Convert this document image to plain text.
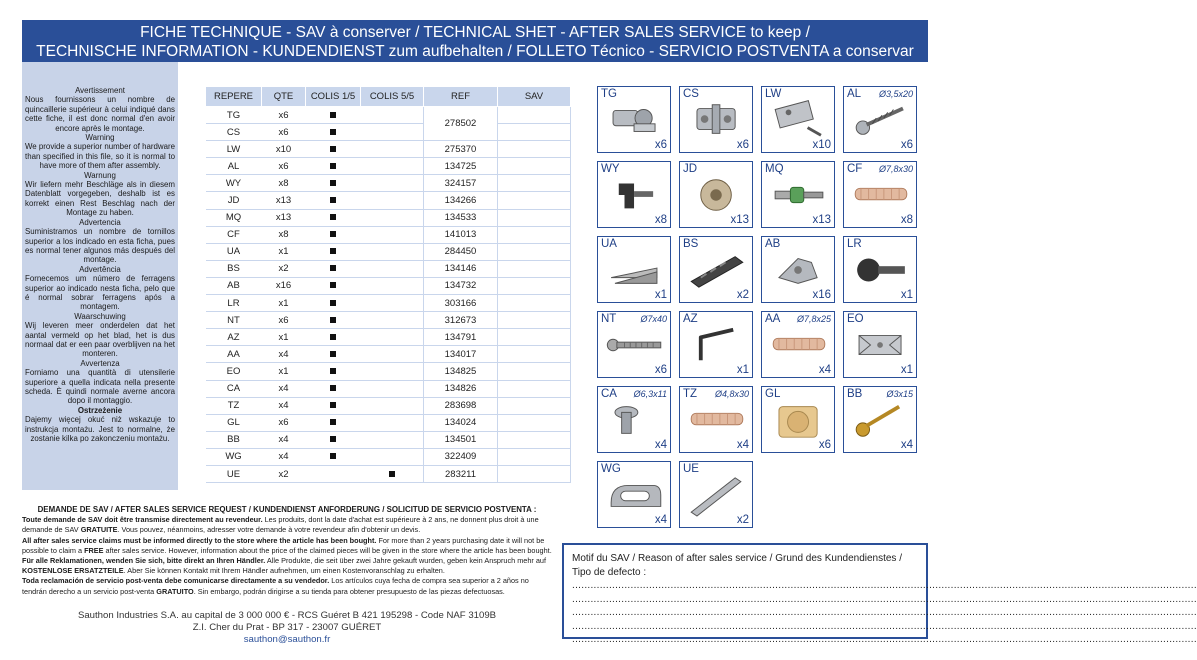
FICHE TECHNIQUE - SAV à conserver / TECHNICAL SHET - AFTER SALES SERVICE to keep /
TECHNISCHE INFORMATION - KUNDENDIENST zum aufbehalten / FOLLETO Técnico - SERVICIO POSTVENTA a conservar
Avertissement
Nous fournissons un nombre de quincaillerie supérieur à celui indiqué dans cette fiche, il est donc normal d'en avoir encore après le montage.
Warning
We provide a superior number of hardware than specified in this file, so it is normal to have more of them after assembly.
Warnung
Wir liefern mehr Beschläge als in diesem Datenblatt vorgegeben, deshalb ist es korrekt einen Rest Beschlag nach der Montage zu haben.
Advertencia
Suministramos un nombre de tornillos superior a los indicado en esta ficha, pues es normal tener algunos más después del montage.
Advertência
Fornecemos um número de ferragens superior ao indicado nesta ficha, pelo que é normal sobrar ferragens após a montagem.
Waarschuwing
Wij leveren meer onderdelen dat het aantal vermeld op het blad, het is dus normaal dat er een paar overblijven na het monteren.
Avvertenza
Forniamo una quantità di utensilerie superiore a quella indicata nella presente scheda. È quindi normale averne ancora dopo il montaggio.
Ostrzeżenie
Dajemy więcej okuć niż wskazuje to instrukcja montażu. Jest to normalne, że zostanie kilka po zakonczeniu montażu.
REPERE	QTE	COLIS 1/5	COLIS 5/5	REF	SAV
TG	x6			278502	
CS	x6				
LW	x10			275370	
AL	x6			134725	
WY	x8			324157	
JD	x13			134266	
MQ	x13			134533	
CF	x8			141013	
UA	x1			284450	
BS	x2			134146	
AB	x16			134732	
LR	x1			303166	
NT	x6			312673	
AZ	x1			134791	
AA	x4			134017	
EO	x1			134825	
CA	x4			134826	
TZ	x4			283698	
GL	x6			134024	
BB	x4			134501	
WG	x4			322409	
UE	x2			283211	
TG
x6
CS
x6
LW
x10
AL Ø3,5x20
x6
WY
x8
JD
x13
MQ
x13
CF Ø7,8x30
x8
UA
x1
BS
x2
AB
x16
LR
x1
NT	Ø7x40
x6
AZ
x1
AA Ø7,8x25
x4
EO
x1
CA Ø6,3x11
x4
TZ Ø4,8x30
x4
GL
x6
BB	Ø3x15
x4
WG
x4
UE
x2
DEMANDE DE SAV / AFTER SALES SERVICE REQUEST / KUNDENDIENST ANFORDERUNG / SOLICITUD DE SERVICIO POSTVENTA :
Toute demande de SAV doit être transmise directement au revendeur. Les produits, dont la date d'achat est supérieure à 2 ans, ne donnent plus droit à une demande de SAV GRATUITE. Vous pouvez, néanmoins, adresser votre demande à votre revendeur afin d'obtenir un devis.
All after sales service claims must be informed directly to the store where the article has been bought. For more than 2 years purchasing date it will not be possible to claim a FREE after sales service. However, information about the price of the claimed pieces will be given in the store where the article has been bought.
Für alle Reklamationen, wenden Sie sich, bitte direkt an Ihren Händler. Alle Produkte, die seit über zwei Jahre gekauft wurden, geben kein Anspruch mehr auf KOSTENLOSE ERSATZTEILE. Aber Sie können Kontakt mit Ihrem Händler aufnehmen, um einen Kostenvoranschlag zu erhalten.
Toda reclamación de servicio post-venta debe comunicarse directamente a su vendedor. Los artículos cuya fecha de compra sea superior a 2 años no tendrán derecho a un servicio post-venta GRATUITO. Sin embargo, podrán dirigirse a su tienda para obtener presupuesto de las piezas defectuosas.
Sauthon Industries S.A. au capital de 3 000 000 € - RCS Guéret B 421 195298 - Code NAF 3109B
Z.I. Cher du Prat - BP 317 - 23007 GUÉRET
sauthon@sauthon.fr
Motif du SAV / Reason of after sales service / Grund des Kundendienstes / Tipo de defecto :
...........................................................................................................................................................................................................
...........................................................................................................................................................................................................
...........................................................................................................................................................................................................
...........................................................................................................................................................................................................
...........................................................................................................................................................................................................
